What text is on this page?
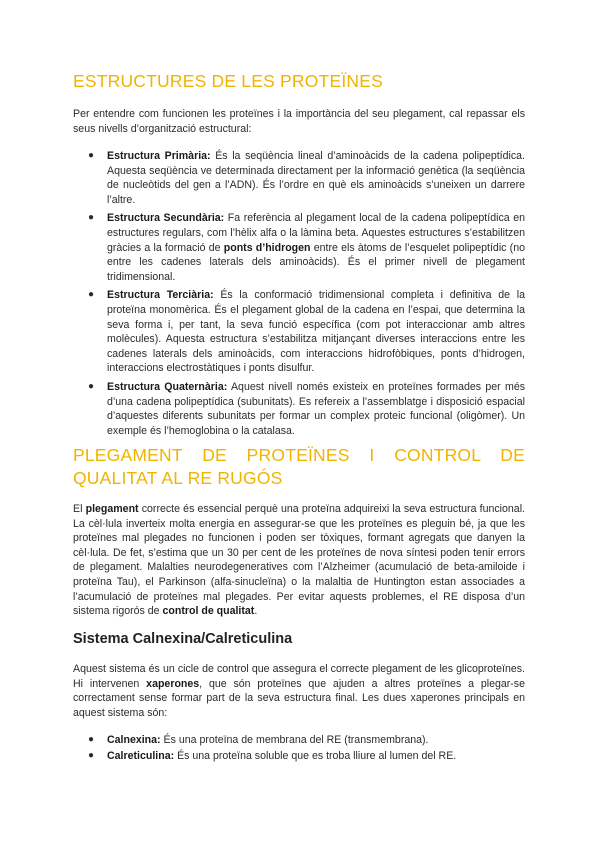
ESTRUCTURES DE LES PROTEÏNES

Per entendre com funcionen les proteïnes i la importància del seu plegament, cal repassar els seus nivells d’organització estructural:

● Estructura Primària: És la seqüència lineal d’aminoàcids de la cadena polipeptídica. Aquesta seqüència ve determinada directament per la informació genètica (la seqüència de nucleòtids del gen a l’ADN). És l’ordre en què els aminoàcids s’uneixen un darrere l’altre.
● Estructura Secundària: Fa referència al plegament local de la cadena polipeptídica en estructures regulars, com l’hèlix alfa o la làmina beta. Aquestes estructures s’estabilitzen gràcies a la formació de ponts d’hidrogen entre els àtoms de l’esquelet polipeptídic (no entre les cadenes laterals dels aminoàcids). És el primer nivell de plegament tridimensional.
● Estructura Terciària: És la conformació tridimensional completa i definitiva de la proteïna monomèrica. És el plegament global de la cadena en l’espai, que determina la seva forma i, per tant, la seva funció específica (com pot interaccionar amb altres molècules). Aquesta estructura s’estabilitza mitjançant diverses interaccions entre les cadenes laterals dels aminoàcids, com interaccions hidrofòbiques, ponts d’hidrogen, interaccions electrostàtiques i ponts disulfur.
● Estructura Quaternària: Aquest nivell només existeix en proteïnes formades per més d’una cadena polipeptídica (subunitats). Es refereix a l’assemblatge i disposició espacial d’aquestes diferents subunitats per formar un complex proteic funcional (oligòmer). Un exemple és l’hemoglobina o la catalasa.
PLEGAMENT DE PROTEÏNES I CONTROL DE
QUALITAT AL RE RUGÓS

El plegament correcte és essencial perquè una proteïna adquireixi la seva estructura funcional. La cèl·lula inverteix molta energia en assegurar-se que les proteïnes es pleguin bé, ja que les proteïnes mal plegades no funcionen i poden ser tòxiques, formant agregats que danyen la cèl·lula. De fet, s’estima que un 30 per cent de les proteïnes de nova síntesi poden tenir errors de plegament. Malalties neurodegeneratives com l’Alzheimer (acumulació de beta-amiloide i proteïna Tau), el Parkinson (alfa-sinucleïna) o la malaltia de Huntington estan associades a l’acumulació de proteïnes mal plegades. Per evitar aquests problemes, el RE disposa d’un sistema rigorós de control de qualitat.

Sistema Calnexina/Calreticulina

Aquest sistema és un cicle de control que assegura el correcte plegament de les glicoproteïnes. Hi intervenen xaperones, que són proteïnes que ajuden a altres proteïnes a plegar-se correctament sense formar part de la seva estructura final. Les dues xaperones principals en aquest sistema són:

● Calnexina: És una proteïna de membrana del RE (transmembrana).
● Calreticulina: És una proteïna soluble que es troba lliure al lumen del RE.
